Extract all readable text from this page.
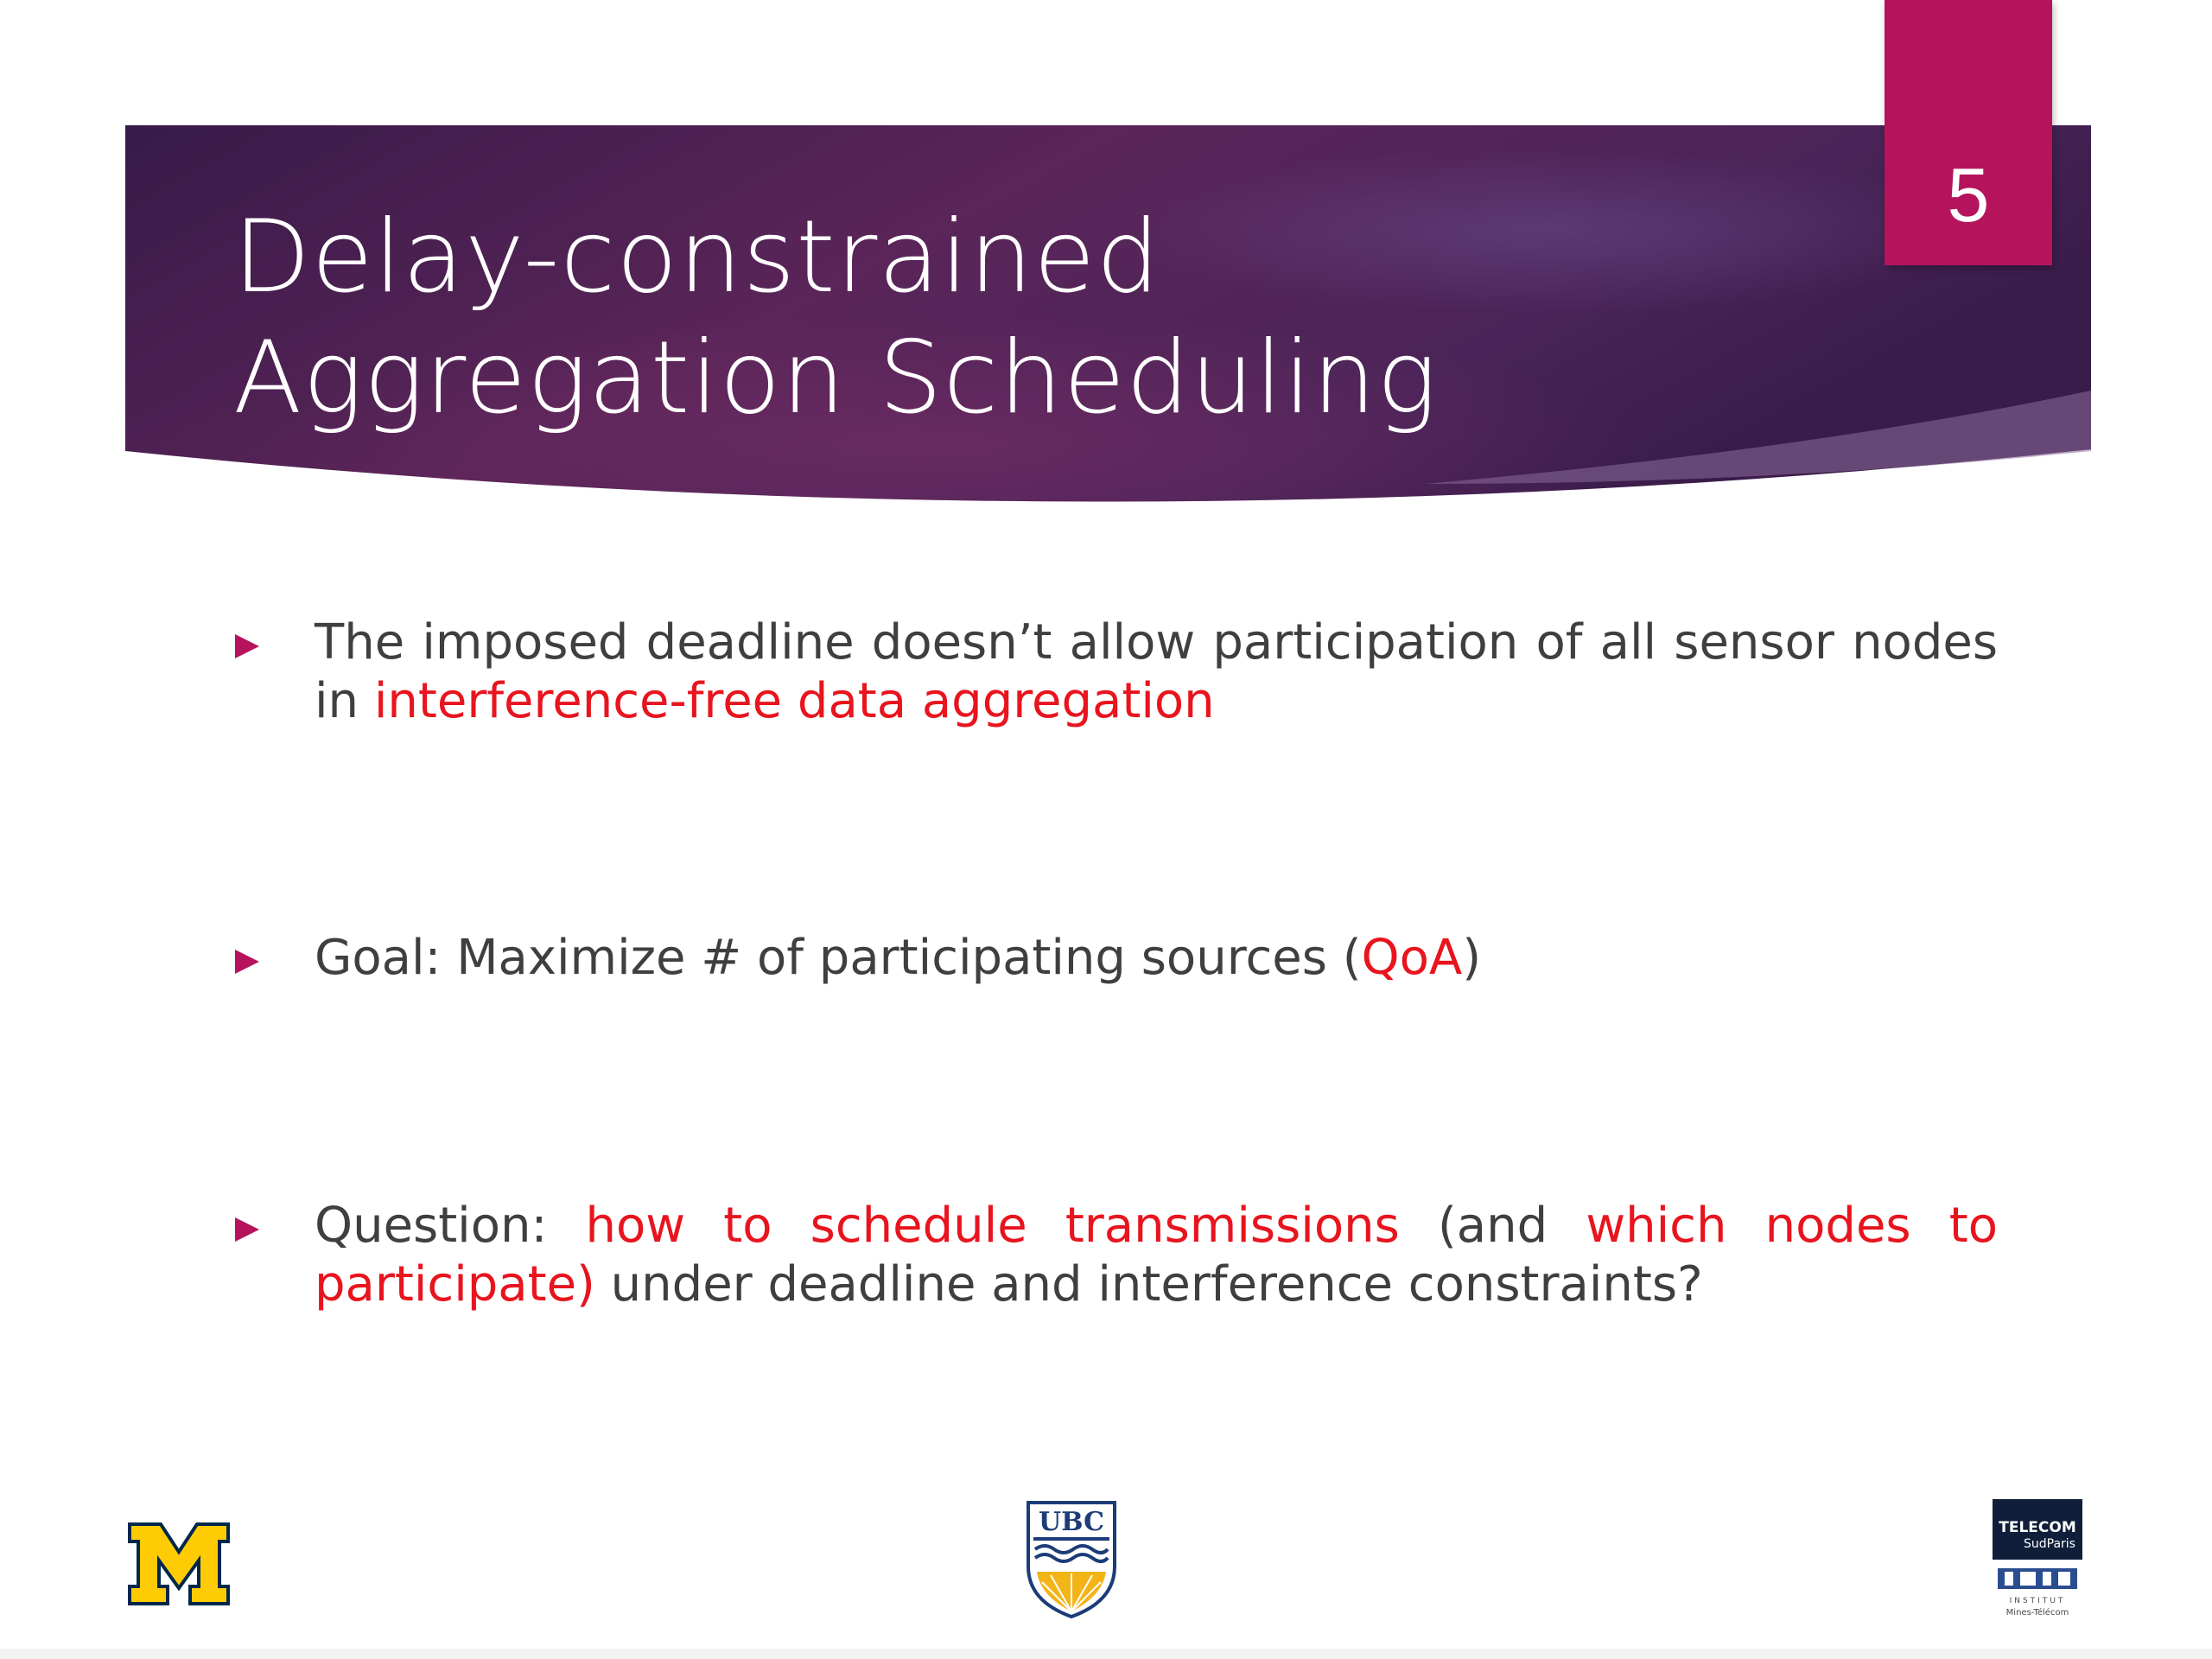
Delay-constrained
Aggregation Scheduling
5
The imposed deadline doesn’t allow participation of all sensor nodes in interference-free data aggregation
Goal: Maximize # of participating sources (QoA)
Question: how to schedule transmissions (and which nodes to participate) under deadline and interference constraints?
M
UBC	TELECOM
SudParis
INSTITUT
Mines-Télécom
